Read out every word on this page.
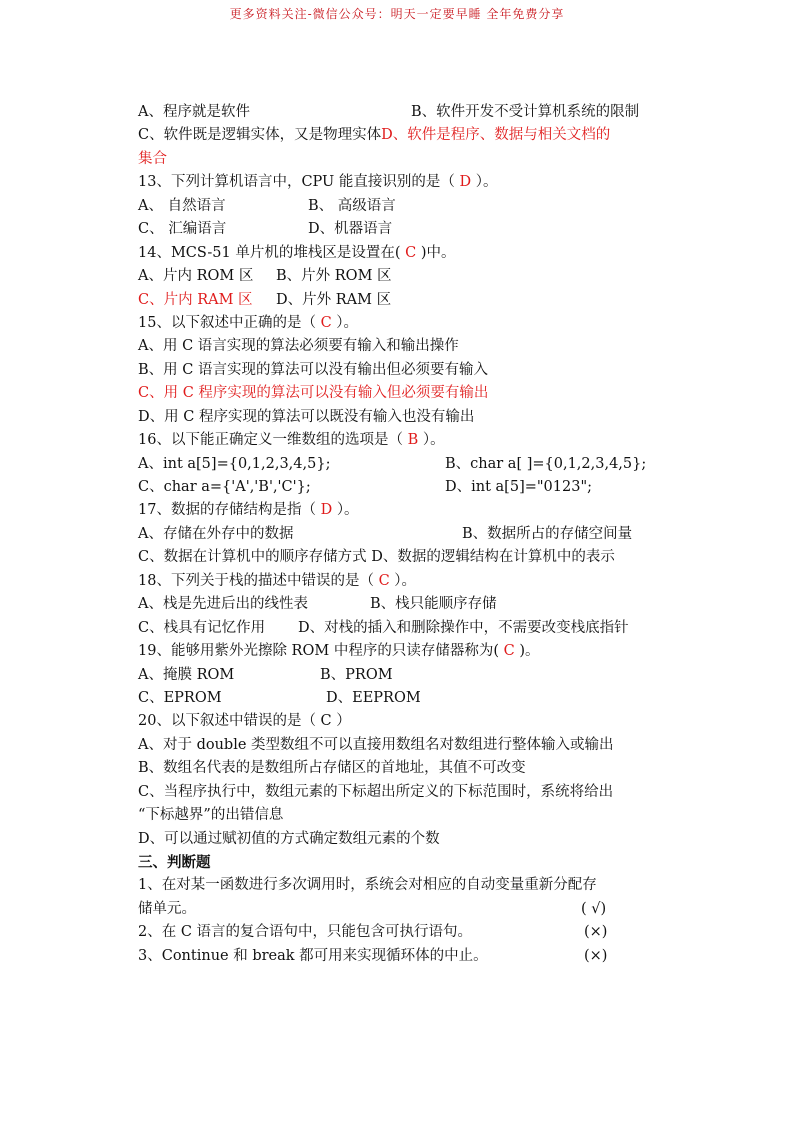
更多资料关注-微信公众号：明天一定要早睡 全年免费分享
A、程序就是软件	B、软件开发不受计算机系统的限制
C、软件既是逻辑实体，又是物理实体D、软件是程序、数据与相关文档的
集合
13、下列计算机语言中，CPU 能直接识别的是（ D ）。
A、 自然语言	B、 高级语言
C、 汇编语言	D、机器语言
14、MCS-51 单片机的堆栈区是设置在( C )中。
A、片内 ROM 区 B、片外 ROM 区
C、片内 RAM 区 D、片外 RAM 区
15、以下叙述中正确的是（ C ）。
A、用 C 语言实现的算法必须要有输入和输出操作
B、用 C 语言实现的算法可以没有输出但必须要有输入
C、用 C 程序实现的算法可以没有输入但必须要有输出
D、用 C 程序实现的算法可以既没有输入也没有输出
16、以下能正确定义一维数组的选项是（ B ）。
A、int a[5]={0,1,2,3,4,5};	B、char a[ ]={0,1,2,3,4,5};
C、char a={'A','B','C'};	D、int a[5]="0123";
17、数据的存储结构是指（ D ）。
A、存储在外存中的数据	B、数据所占的存储空间量
C、数据在计算机中的顺序存储方式 D、数据的逻辑结构在计算机中的表示
18、下列关于栈的描述中错误的是（ C ）。
A、栈是先进后出的线性表	B、栈只能顺序存储
C、栈具有记忆作用 D、对栈的插入和删除操作中，不需要改变栈底指针
19、能够用紫外光擦除 ROM 中程序的只读存储器称为( C )。
A、掩膜 ROM	B、PROM
C、EPROM	D、EEPROM
20、以下叙述中错误的是（ C ）
A、对于 double 类型数组不可以直接用数组名对数组进行整体输入或输出
B、数组名代表的是数组所占存储区的首地址，其值不可改变
C、当程序执行中，数组元素的下标超出所定义的下标范围时，系统将给出
“下标越界”的出错信息
D、可以通过赋初值的方式确定数组元素的个数
三、判断题
1、在对某一函数进行多次调用时，系统会对相应的自动变量重新分配存
储单元。	( √)
2、在 C 语言的复合语句中，只能包含可执行语句。	(×)
3、Continue 和 break 都可用来实现循环体的中止。	(×)
